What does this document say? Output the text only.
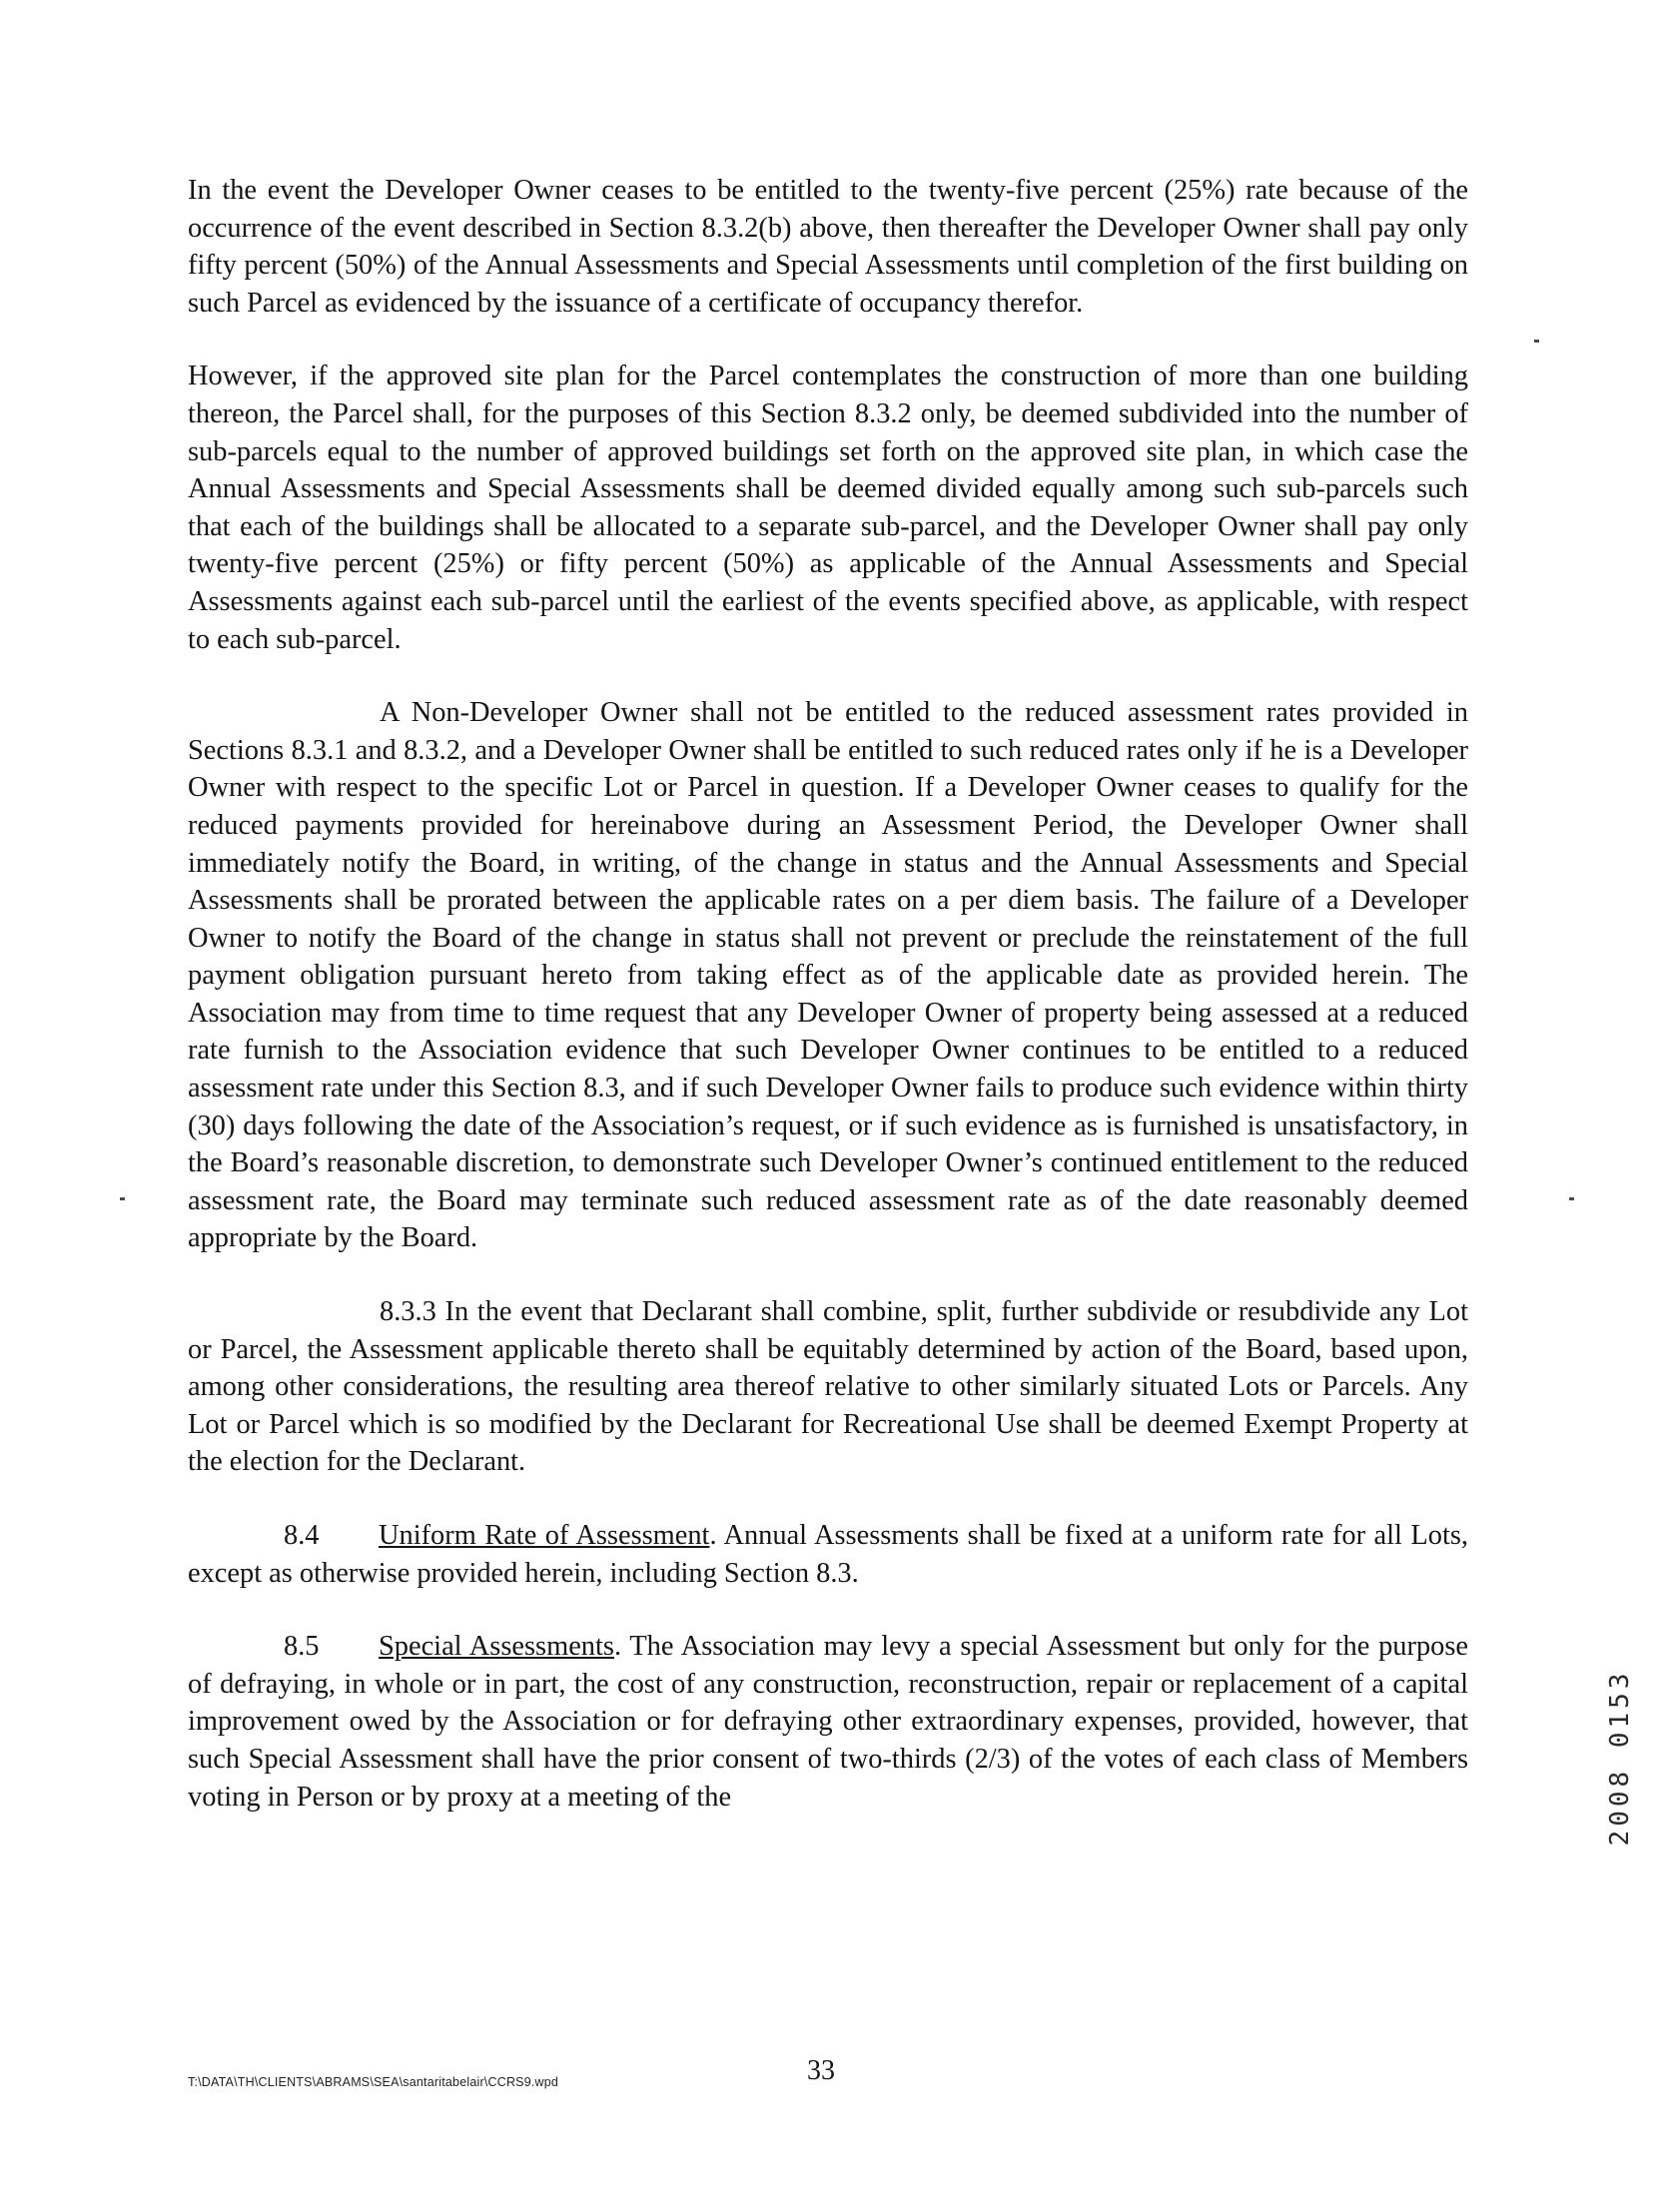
In the event the Developer Owner ceases to be entitled to the twenty-five percent (25%) rate because of the occurrence of the event described in Section 8.3.2(b) above, then thereafter the Developer Owner shall pay only fifty percent (50%) of the Annual Assessments and Special Assessments until completion of the first building on such Parcel as evidenced by the issuance of a certificate of occupancy therefor.

However, if the approved site plan for the Parcel contemplates the construction of more than one building thereon, the Parcel shall, for the purposes of this Section 8.3.2 only, be deemed subdivided into the number of sub-parcels equal to the number of approved buildings set forth on the approved site plan, in which case the Annual Assessments and Special Assessments shall be deemed divided equally among such sub-parcels such that each of the buildings shall be allocated to a separate sub-parcel, and the Developer Owner shall pay only twenty-five percent (25%) or fifty percent (50%) as applicable of the Annual Assessments and Special Assessments against each sub-parcel until the earliest of the events specified above, as applicable, with respect to each sub-parcel.

A Non-Developer Owner shall not be entitled to the reduced assessment rates provided in Sections 8.3.1 and 8.3.2, and a Developer Owner shall be entitled to such reduced rates only if he is a Developer Owner with respect to the specific Lot or Parcel in question. If a Developer Owner ceases to qualify for the reduced payments provided for hereinabove during an Assessment Period, the Developer Owner shall immediately notify the Board, in writing, of the change in status and the Annual Assessments and Special Assessments shall be prorated between the applicable rates on a per diem basis. The failure of a Developer Owner to notify the Board of the change in status shall not prevent or preclude the reinstatement of the full payment obligation pursuant hereto from taking effect as of the applicable date as provided herein. The Association may from time to time request that any Developer Owner of property being assessed at a reduced rate furnish to the Association evidence that such Developer Owner continues to be entitled to a reduced assessment rate under this Section 8.3, and if such Developer Owner fails to produce such evidence within thirty (30) days following the date of the Association’s request, or if such evidence as is furnished is unsatisfactory, in the Board’s reasonable discretion, to demonstrate such Developer Owner’s continued entitlement to the reduced assessment rate, the Board may terminate such reduced assessment rate as of the date reasonably deemed appropriate by the Board.

8.3.3 In the event that Declarant shall combine, split, further subdivide or resubdivide any Lot or Parcel, the Assessment applicable thereto shall be equitably determined by action of the Board, based upon, among other considerations, the resulting area thereof relative to other similarly situated Lots or Parcels. Any Lot or Parcel which is so modified by the Declarant for Recreational Use shall be deemed Exempt Property at the election for the Declarant.

8.4 Uniform Rate of Assessment. Annual Assessments shall be fixed at a uniform rate for all Lots, except as otherwise provided herein, including Section 8.3.

8.5 Special Assessments. The Association may levy a special Assessment but only for the purpose of defraying, in whole or in part, the cost of any construction, reconstruction, repair or replacement of a capital improvement owed by the Association or for defraying other extraordinary expenses, provided, however, that such Special Assessment shall have the prior consent of two-thirds (2/3) of the votes of each class of Members voting in Person or by proxy at a meeting of the

T:\DATA\TH\CLIENTS\ABRAMS\SEA\santaritabelair\CCRS9.wpd	33
2008 0153
